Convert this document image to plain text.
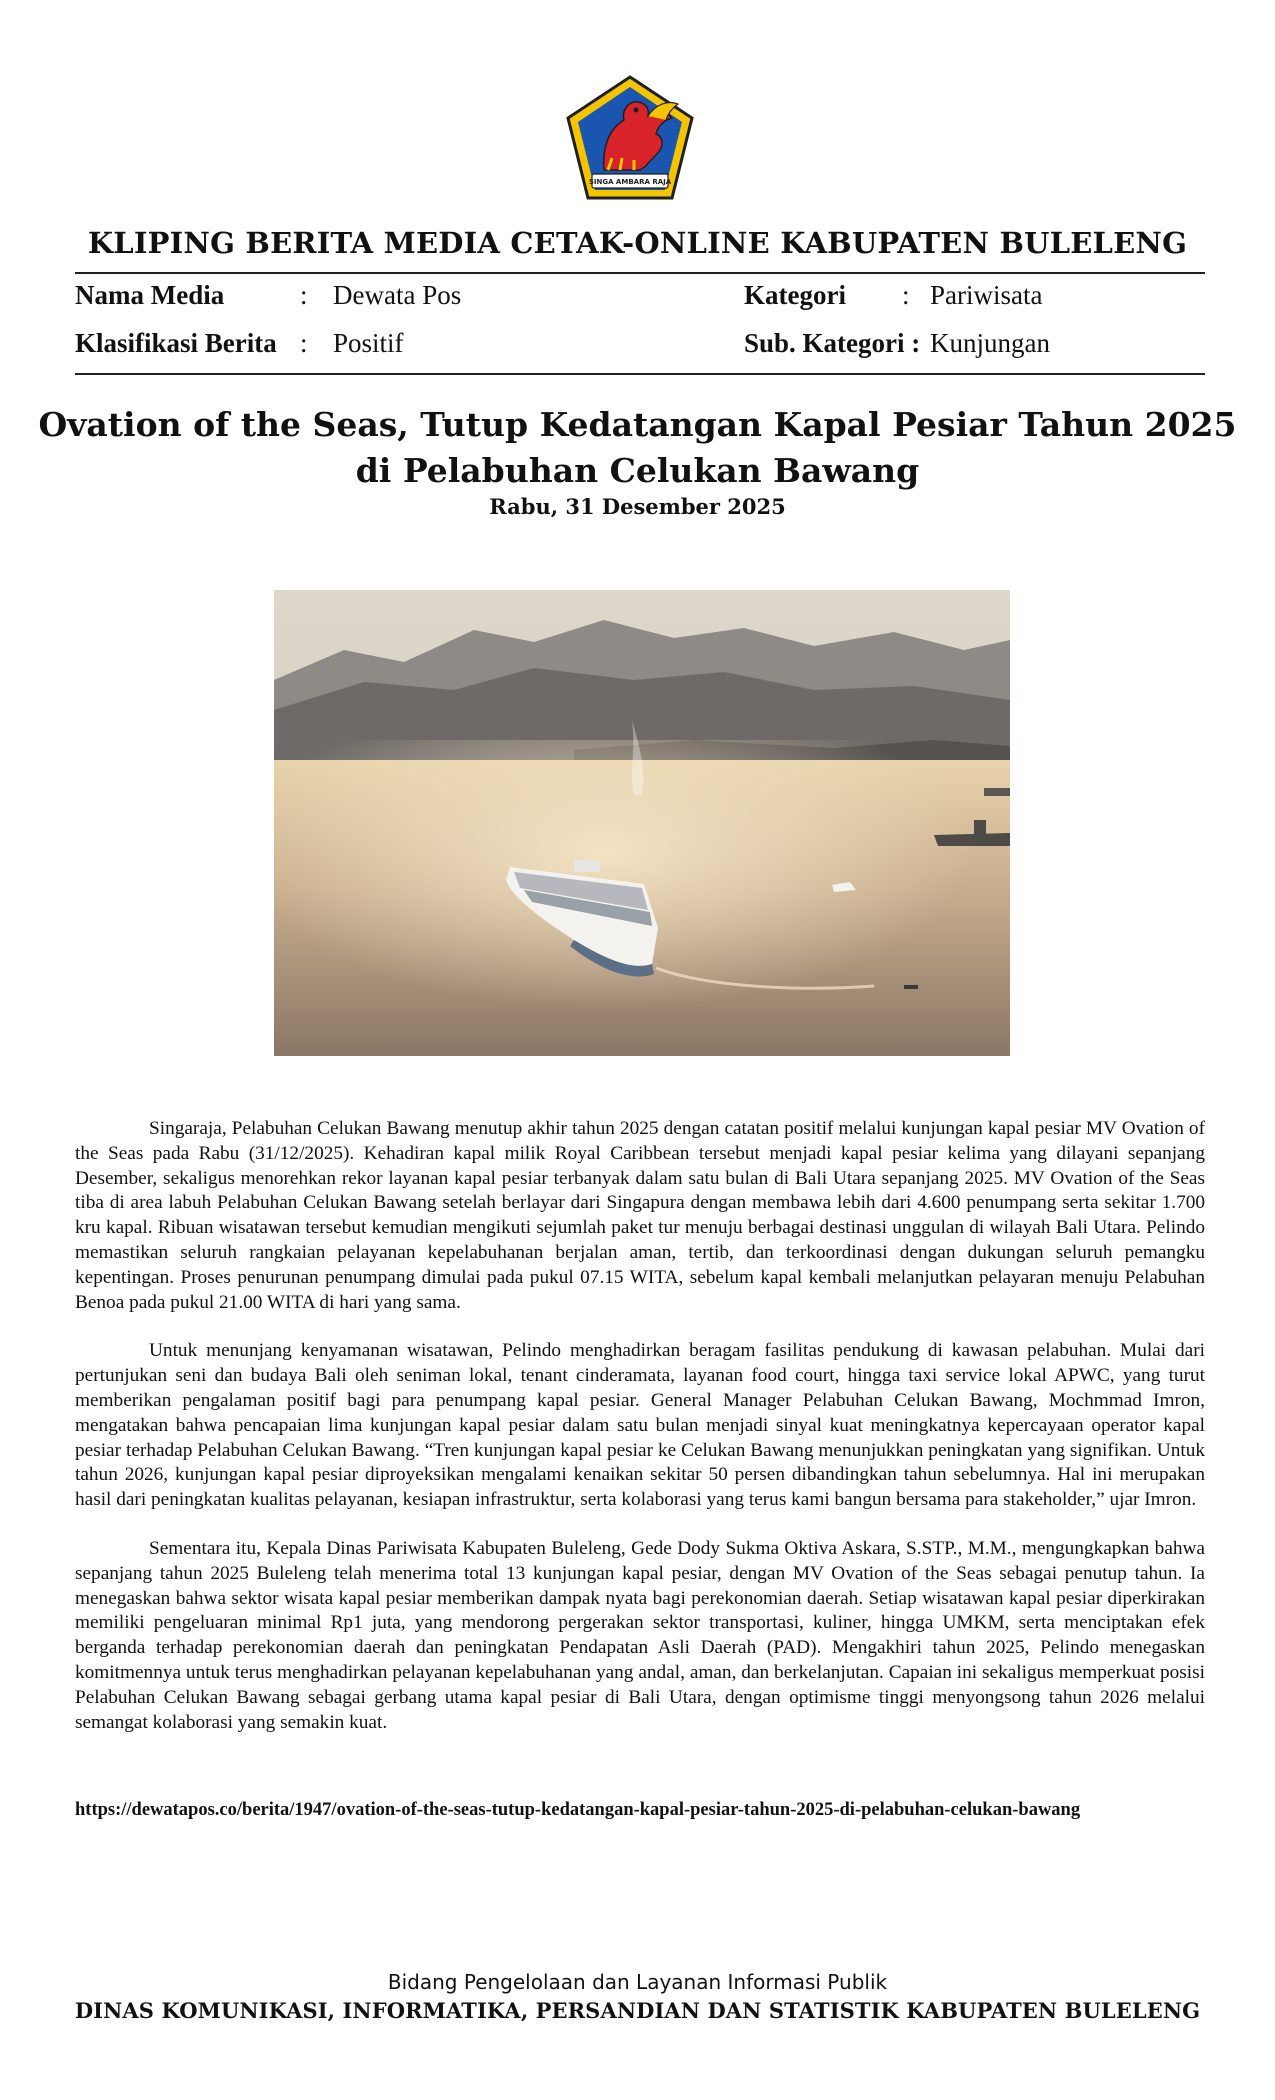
SINGA AMBARA RAJA
KLIPING BERITA MEDIA CETAK-ONLINE KABUPATEN BULELENG
Nama Media	: Dewata Pos	Kategori : Pariwisata
Klasifikasi Berita : Positif	Sub. Kategori : Kunjungan
Ovation of the Seas, Tutup Kedatangan Kapal Pesiar Tahun 2025
di Pelabuhan Celukan Bawang
Rabu, 31 Desember 2025

Singaraja, Pelabuhan Celukan Bawang menutup akhir tahun 2025 dengan catatan positif melalui kunjungan kapal pesiar MV Ovation of the Seas pada Rabu (31/12/2025). Kehadiran kapal milik Royal Caribbean tersebut menjadi kapal pesiar kelima yang dilayani sepanjang Desember, sekaligus menorehkan rekor layanan kapal pesiar terbanyak dalam satu bulan di Bali Utara sepanjang 2025. MV Ovation of the Seas tiba di area labuh Pelabuhan Celukan Bawang setelah berlayar dari Singapura dengan membawa lebih dari 4.600 penumpang serta sekitar 1.700 kru kapal. Ribuan wisatawan tersebut kemudian mengikuti sejumlah paket tur menuju berbagai destinasi unggulan di wilayah Bali Utara. Pelindo memastikan seluruh rangkaian pelayanan kepelabuhanan berjalan aman, tertib, dan terkoordinasi dengan dukungan seluruh pemangku kepentingan. Proses penurunan penumpang dimulai pada pukul 07.15 WITA, sebelum kapal kembali melanjutkan pelayaran menuju Pelabuhan Benoa pada pukul 21.00 WITA di hari yang sama.

Untuk menunjang kenyamanan wisatawan, Pelindo menghadirkan beragam fasilitas pendukung di kawasan pelabuhan. Mulai dari pertunjukan seni dan budaya Bali oleh seniman lokal, tenant cinderamata, layanan food court, hingga taxi service lokal APWC, yang turut memberikan pengalaman positif bagi para penumpang kapal pesiar. General Manager Pelabuhan Celukan Bawang, Mochmmad Imron, mengatakan bahwa pencapaian lima kunjungan kapal pesiar dalam satu bulan menjadi sinyal kuat meningkatnya kepercayaan operator kapal pesiar terhadap Pelabuhan Celukan Bawang. “Tren kunjungan kapal pesiar ke Celukan Bawang menunjukkan peningkatan yang signifikan. Untuk tahun 2026, kunjungan kapal pesiar diproyeksikan mengalami kenaikan sekitar 50 persen dibandingkan tahun sebelumnya. Hal ini merupakan hasil dari peningkatan kualitas pelayanan, kesiapan infrastruktur, serta kolaborasi yang terus kami bangun bersama para stakeholder,” ujar Imron.

Sementara itu, Kepala Dinas Pariwisata Kabupaten Buleleng, Gede Dody Sukma Oktiva Askara, S.STP., M.M., mengungkapkan bahwa sepanjang tahun 2025 Buleleng telah menerima total 13 kunjungan kapal pesiar, dengan MV Ovation of the Seas sebagai penutup tahun. Ia menegaskan bahwa sektor wisata kapal pesiar memberikan dampak nyata bagi perekonomian daerah. Setiap wisatawan kapal pesiar diperkirakan memiliki pengeluaran minimal Rp1 juta, yang mendorong pergerakan sektor transportasi, kuliner, hingga UMKM, serta menciptakan efek berganda terhadap perekonomian daerah dan peningkatan Pendapatan Asli Daerah (PAD). Mengakhiri tahun 2025, Pelindo menegaskan komitmennya untuk terus menghadirkan pelayanan kepelabuhanan yang andal, aman, dan berkelanjutan. Capaian ini sekaligus memperkuat posisi Pelabuhan Celukan Bawang sebagai gerbang utama kapal pesiar di Bali Utara, dengan optimisme tinggi menyongsong tahun 2026 melalui semangat kolaborasi yang semakin kuat.

https://dewatapos.co/berita/1947/ovation-of-the-seas-tutup-kedatangan-kapal-pesiar-tahun-2025-di-pelabuhan-celukan-bawang
Bidang Pengelolaan dan Layanan Informasi Publik
DINAS KOMUNIKASI, INFORMATIKA, PERSANDIAN DAN STATISTIK KABUPATEN BULELENG
